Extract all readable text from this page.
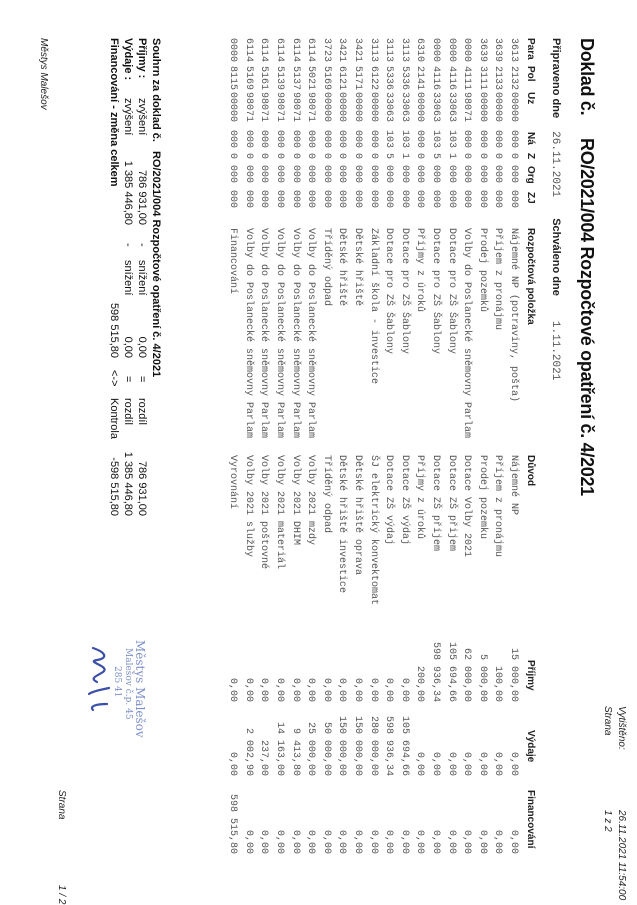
Vytištěno:26.11.202111:54:00
Strana1 z 2
Doklad č.RO/2021/004 Rozpočtové opatření č. 4/2021
Připraveno dne 26.11.2021 Schváleno dne 1.11.2021
Para
Pol
Uz
Ná
Z
Org
ZJ
Rozpočtová položka
Důvod
Příjmy
Výdaje
Financování
3613
2132
00000
000
0
000
000
Nájemné NP (potraviny, pošta)
Nájemné NP
15 000,00
0,00
0,00
3639
2133
00000
000
0
000
000
Příjem z pronájmu
Příjem z pronájmu
100,00
0,00
0,00
3639
3111
00000
000
0
000
000
Prodej pozemků
Prodej pozemku
5 000,00
0,00
0,00
0000
4111
98071
000
0
000
000
Volby do Poslanecké sněmovny Parlam
Dotace Volby 2021
62 000,00
0,00
0,00
0000
4116
33063
103
1
000
000
Dotace pro ZŠ Šablony
Dotace ZŠ přijem
105 694,66
0,00
0,00
0000
4116
33063
103
5
000
000
Dotace pro ZŠ Šablony
Dotace ZŠ příjem
598 936,34
0,00
0,00
6310
2141
00000
000
0
000
000
Příjmy z úroků
Příjmy z úroků
200,00
0,00
0,00
3113
5336
33063
103
1
000
000
Dotace pro ZŠ Šablony
Dotace ZŠ výdaj
0,00
105 694,66
0,00
3113
5336
33063
103
5
000
000
Dotace pro ZŠ Šablony
Dotace ZŠ výdaj
0,00
598 936,34
0,00
3113
6122
00000
000
0
000
000
Základní škola - investice
ŠJ elektrický konvektomat
0,00
280 000,00
0,00
3421
5171
00000
000
0
000
000
Dětské hřiště
Dětské hřiště oprava
0,00
150 000,00
0,00
3421
6121
00000
000
0
000
000
Dětské hřiště
Dětské hřiště investice
0,00
150 000,00
0,00
3723
5169
00000
000
0
000
000
Tříděný odpad
Tříděný odpad
0,00
50 000,00
0,00
6114
5021
98071
000
0
000
000
Volby do Poslanecké sněmovny Parlam
Volby 2021 mzdy
0,00
25 000,00
0,00
6114
5137
98071
000
0
000
000
Volby do Poslanecké sněmovny Parlam
Volby 2021 DHIM
0,00
9 413,80
0,00
6114
5139
98071
000
0
000
000
Volby do Poslanecké sněmovny Parlam
Volby 2021 materiál
0,00
14 163,00
0,00
6114
5161
98071
000
0
000
000
Volby do Poslanecké sněmovny Parlam
Volby 2021 poštovné
0,00
237,00
0,00
6114
5169
98071
000
0
000
000
Volby do Poslanecké sněmovny Parlam
Volby 2021 služby
0,00
2 002,90
0,00
0000
8115
00000
000
0
000
000
Financování
Vyrovnání
0,00
0,00
598 515,80
Souhrn za doklad č. RO/2021/004 Rozpočtové opatření č. 4/2021
Příjmy :
zvýšení
786 931,00
-
snížení
0,00
=
rozdíl
786 931,00
Výdaje :
zvýšení
1 385 446,80
-
snížení
0,00
=
rozdíl
1 385 446,80
Financování - změna celkem
598 515,80
<->
Kontrola
-598 515,80
Městys Malešov
Malešov č.p. 45
285 41
Městys Malešov
Strana  1 / 2
